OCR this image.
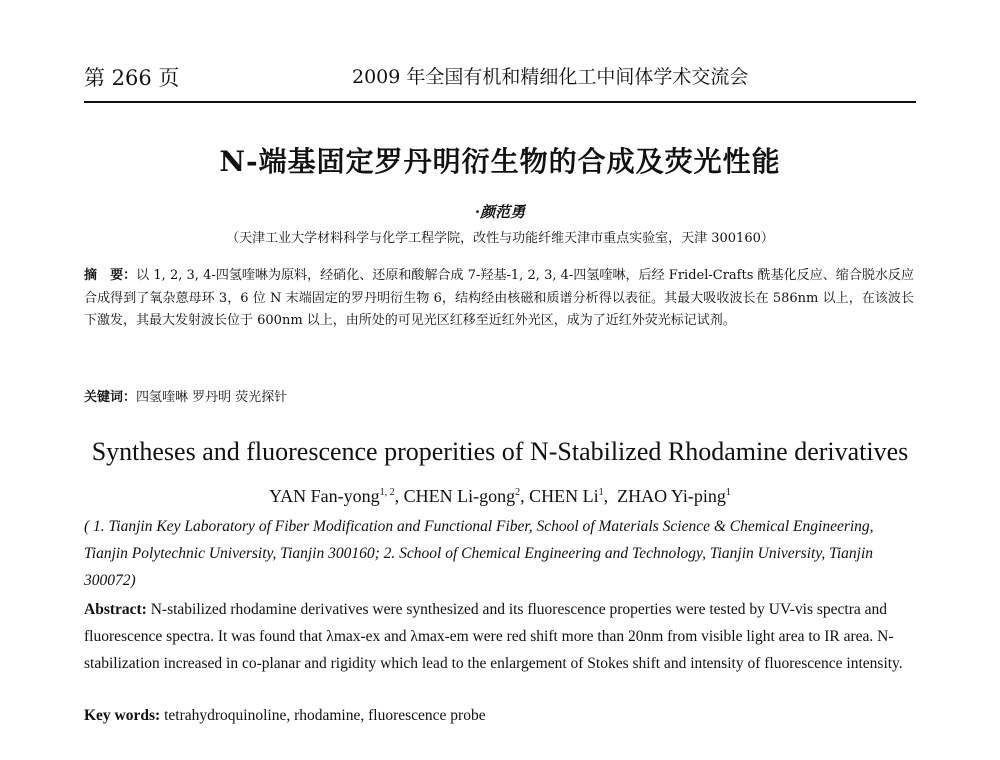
第 266 页	2009 年全国有机和精细化工中间体学术交流会
N-端基固定罗丹明衍生物的合成及荧光性能
·颜范勇
（天津工业大学材料科学与化学工程学院，改性与功能纤维天津市重点实验室，天津 300160）
摘　要：以 1, 2, 3, 4-四氢喹啉为原料，经硝化、还原和酸解合成 7-羟基-1, 2, 3, 4-四氢喹啉，后经 Fridel-Crafts 酰基化反应、缩合脱水反应合成得到了氧杂蒽母环 3，6 位 N 末端固定的罗丹明衍生物 6，结构经由核磁和质谱分析得以表征。其最大吸收波长在 586nm 以上，在该波长下激发，其最大发射波长位于 600nm 以上，由所处的可见光区红移至近红外光区，成为了近红外荧光标记试剂。
关键词：四氢喹啉 罗丹明 荧光探针
Syntheses and fluorescence properities of N-Stabilized Rhodamine derivatives
YAN Fan-yong$^{1, 2}$, CHEN Li-gong$^2$, CHEN Li$^1$,  ZHAO Yi-ping$^1$
( 1. Tianjin Key Laboratory of Fiber Modification and Functional Fiber, School of Materials Science & Chemical Engineering, Tianjin Polytechnic University, Tianjin 300160; 2. School of Chemical Engineering and Technology, Tianjin University, Tianjin 300072)
Abstract: N-stabilized rhodamine derivatives were synthesized and its fluorescence properties were tested by UV-vis spectra and fluorescence spectra. It was found that λmax-ex and λmax-em were red shift more than 20nm from visible light area to IR area. N-stabilization increased in co-planar and rigidity which lead to the enlargement of Stokes shift and intensity of fluorescence intensity.
Key words: tetrahydroquinoline, rhodamine, fluorescence probe
